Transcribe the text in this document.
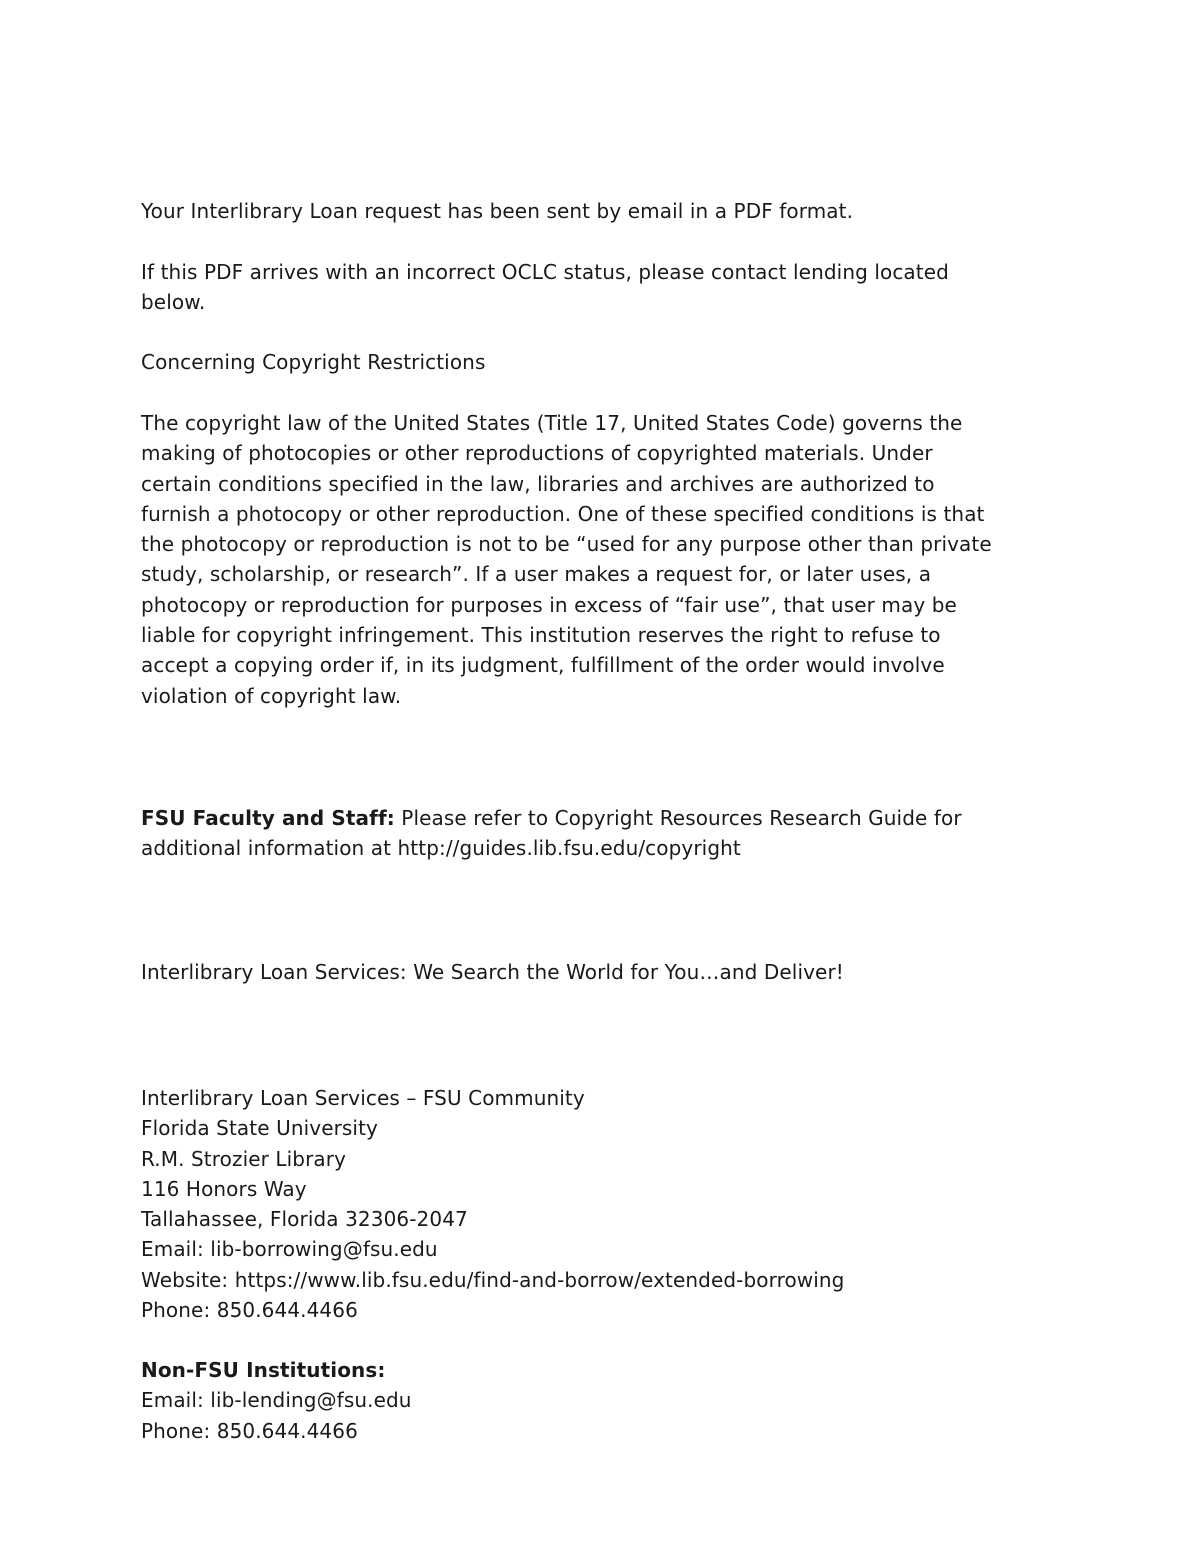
Your Interlibrary Loan request has been sent by email in a PDF format.

If this PDF arrives with an incorrect OCLC status, please contact lending located
below.

Concerning Copyright Restrictions

The copyright law of the United States (Title 17, United States Code) governs the
making of photocopies or other reproductions of copyrighted materials. Under
certain conditions specified in the law, libraries and archives are authorized to
furnish a photocopy or other reproduction. One of these specified conditions is that
the photocopy or reproduction is not to be “used for any purpose other than private
study, scholarship, or research”. If a user makes a request for, or later uses, a
photocopy or reproduction for purposes in excess of “fair use”, that user may be
liable for copyright infringement. This institution reserves the right to refuse to
accept a copying order if, in its judgment, fulfillment of the order would involve
violation of copyright law.

FSU Faculty and Staff: Please refer to Copyright Resources Research Guide for
additional information at http://guides.lib.fsu.edu/copyright

Interlibrary Loan Services: We Search the World for You…and Deliver!

Interlibrary Loan Services – FSU Community
Florida State University
R.M. Strozier Library
116 Honors Way
Tallahassee, Florida 32306-2047
Email: lib-borrowing@fsu.edu
Website: https://www.lib.fsu.edu/find-and-borrow/extended-borrowing
Phone: 850.644.4466

Non-FSU Institutions:
Email: lib-lending@fsu.edu
Phone: 850.644.4466
